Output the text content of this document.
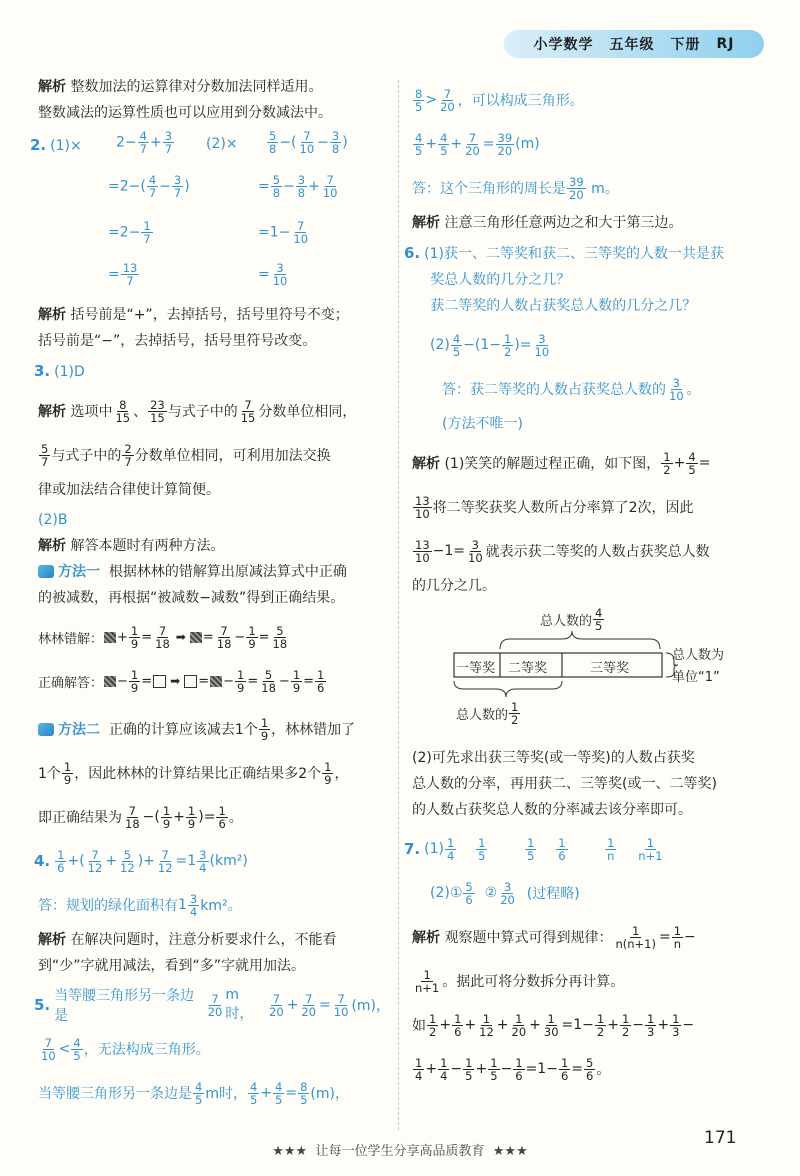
小学数学 五年级 下册 RJ

解析 整数加法的运算律对分数加法同样适用。
整数减法的运算性质也可以应用到分数减法中。

2. $(1)\times 2- \frac{4}{7} + \frac{3}{7}$
$=2-( \frac{4}{7} - \frac{3}{7}$ )
$=2- \frac{1}{7}$
= $\frac{13}{7}$
(2)×	$\frac{5}{8}$ −( $\frac{7}{10} - \frac{3}{8}$ )
= $\frac{5}{8} - \frac{3}{8} + \frac{7}{10}$
$=1- \frac{7}{10}$
= $\frac{3}{10}$

解析 括号前是“+”，去掉括号，括号里符号不变；
括号前是“−”，去掉括号，括号里符号改变。

3. (1)D

解析
选项中 $\frac{8}{15}$ 、 $\frac{23}{15}$ 与式子中的 $\frac{7}{15}$ 分数单位相同，
$\frac{5}{7}$ 与式子中的 $\frac{2}{7}$ 分数单位相同，可利用加法交换

律或加法结合律使计算简便。

(2)B

解析 解答本题时有两种方法。

方法一 根据林林的错解算出原减法算式中正确
的被减数，再根据“被减数−减数”得到正确结果。

林林错解： + $\frac{1}{9} = \frac{7}{18}$ ➡ = $\frac{7}{18} - \frac{1}{9} = \frac{5}{18}$
正确解答： − $\frac{1}{9}$ = ➡ = − $\frac{1}{9} = \frac{5}{18} - \frac{1}{9} = \frac{1}{6}$
方法二
正确的计算应该减去1个 $\frac{1}{9}$ ，林林错加了
1个 $\frac{1}{9}$ ，因此林林的计算结果比正确结果多2个 $\frac{1}{9}$ ，
即正确结果为 $\frac{7}{18}$ −( $\frac{1}{9} + \frac{1}{9}$ )= $\frac{1}{6}$ 。
4. $\frac{1}{6}$ +( $\frac{7}{12} + \frac{5}{12}$ )+ $\frac{7}{12} =1 \frac{3}{4} (km^2)$
答：规划的绿化面积有 $1 \frac{3}{4} km^2$。

解析 在解决问题时，注意分析要求什么，不能看
到“少”字就用减法，看到“多”字就用加法。

5. 当等腰三角形另一条边是	$\frac{7}{20}$ m时，	$\frac{7}{20} + \frac{7}{20} = \frac{7}{10} (m)$，
$\frac{7}{10} < \frac{4}{5}$ ，无法构成三角形。
当等腰三角形另一条边是 $\frac{4}{5}$ m时， $\frac{4}{5} + \frac{4}{5} = \frac{8}{5} (m)$，
$\frac{8}{5} > \frac{7}{20}$ ，可以构成三角形。
$\frac{4}{5} + \frac{4}{5} + \frac{7}{20} = \frac{39}{20} (m)$
答：这个三角形的周长是 $\frac{39}{20}$
m。

解析 注意三角形任意两边之和大于第三边。

6. (1)获一、二等奖和获二、三等奖的人数一共是获
奖总人数的几分之几？
获二等奖的人数占获奖总人数的几分之几？

$(2) \frac{4}{5} -(1- \frac{1}{2}$ )= $\frac{3}{10}$
答：获二等奖的人数占获奖总人数的 $\frac{3}{10}$ 。

(方法不唯一)

解析
(1)笑笑的解题过程正确，如下图， $\frac{1}{2} + \frac{4}{5}$ =
$\frac{13}{10}$ 将二等奖获奖人数所占分率算了2次，因此
$\frac{13}{10} -1= \frac{3}{10}$ 就表示获二等奖的人数占获奖总人数

的几分之几。

总人数的 $\frac{4}{5}$
一等奖 二等奖	三等奖
总人数为
单位“1”
总人数的 $\frac{1}{2}$

(2)可先求出获三等奖(或一等奖)的人数占获奖
总人数的分率，再用获二、三等奖(或一、二等奖)
的人数占获奖总人数的分率减去该分率即可。

7. $(1) \frac{1}{4}$
$\frac{1}{5}$
	$\frac{1}{5}$
$\frac{1}{6}$
	$\frac{1}{n}$
$\frac{1}{n+1}$
(2)① $\frac{5}{6}$
② $\frac{3}{20}$
(过程略)
解析
观察题中算式可得到规律： $\frac{1}{n(n+1)} = \frac{1}{n}$ −
$\frac{1}{n+1}$ 。据此可将分数拆分再计算。
如 $\frac{1}{2} + \frac{1}{6} + \frac{1}{12} + \frac{1}{20} + \frac{1}{30} =1- \frac{1}{2} + \frac{1}{2} - \frac{1}{3} + \frac{1}{3}$ −
$\frac{1}{4} + \frac{1}{4} - \frac{1}{5} + \frac{1}{5} - \frac{1}{6} =1- \frac{1}{6} = \frac{5}{6}$ 。
171
★★★  让每一位学生分享高品质教育  ★★★
